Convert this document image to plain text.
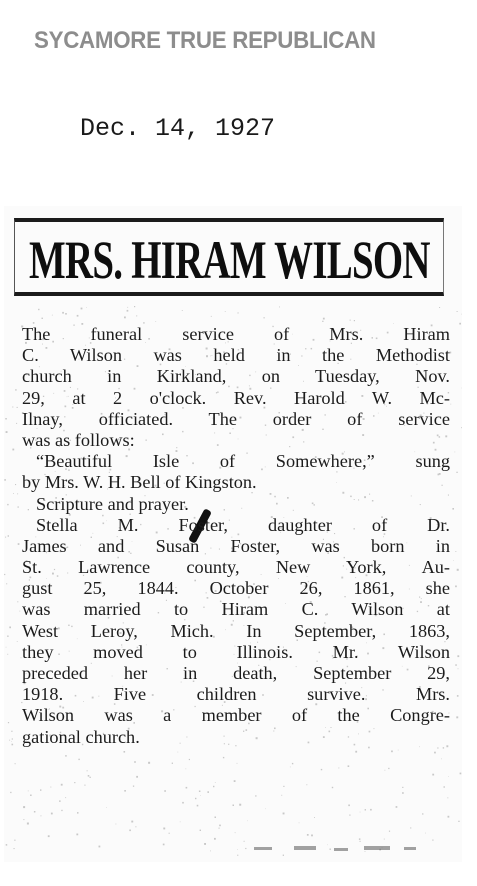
SYCAMORE TRUE REPUBLICAN
Dec. 14, 1927
MRS. HIRAM WILSON
The funeral service of Mrs. Hiram
C. Wilson was held in the Methodist
church in Kirkland, on Tuesday, Nov.
29, at 2 o'clock. Rev. Harold W. Mc-
Ilnay, officiated. The order of service
was as follows:
“Beautiful Isle of Somewhere,” sung
by Mrs. W. H. Bell of Kingston.
Scripture and prayer.
Stella M. Foster, daughter of Dr.
James and Susan Foster, was born in
St. Lawrence county, New York, Au-
gust 25, 1844. October 26, 1861, she
was married to Hiram C. Wilson at
West Leroy, Mich. In September, 1863,
they moved to Illinois. Mr. Wilson
preceded her in death, September 29,
1918. Five children survive. Mrs.
Wilson was a member of the Congre-
gational church.
